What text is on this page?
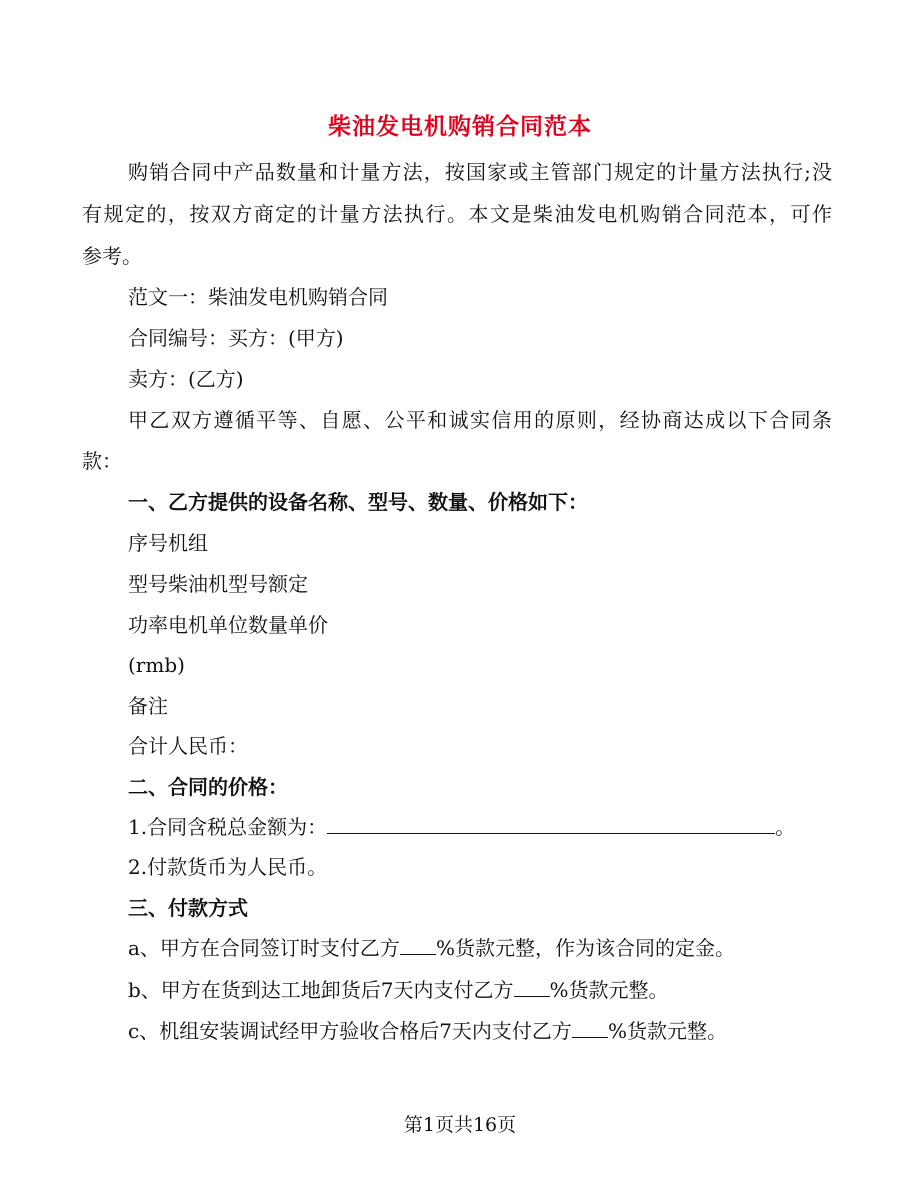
柴油发电机购销合同范本
购销合同中产品数量和计量方法，按国家或主管部门规定的计量方法执行;没
有规定的，按双方商定的计量方法执行。本文是柴油发电机购销合同范本，可作
参考。
范文一：柴油发电机购销合同
合同编号：买方：(甲方)
卖方：(乙方)
甲乙双方遵循平等、自愿、公平和诚实信用的原则，经协商达成以下合同条
款：
一、乙方提供的设备名称、型号、数量、价格如下：
序号机组
型号柴油机型号额定
功率电机单位数量单价
(rmb)
备注
合计人民币：
二、合同的价格：
1.合同含税总金额为：	。
2.付款货币为人民币。
三、付款方式
a、甲方在合同签订时支付乙方 %货款元整，作为该合同的定金。
b、甲方在货到达工地卸货后7天内支付乙方 %货款元整。
c、机组安装调试经甲方验收合格后7天内支付乙方 %货款元整。
第1页共16页
